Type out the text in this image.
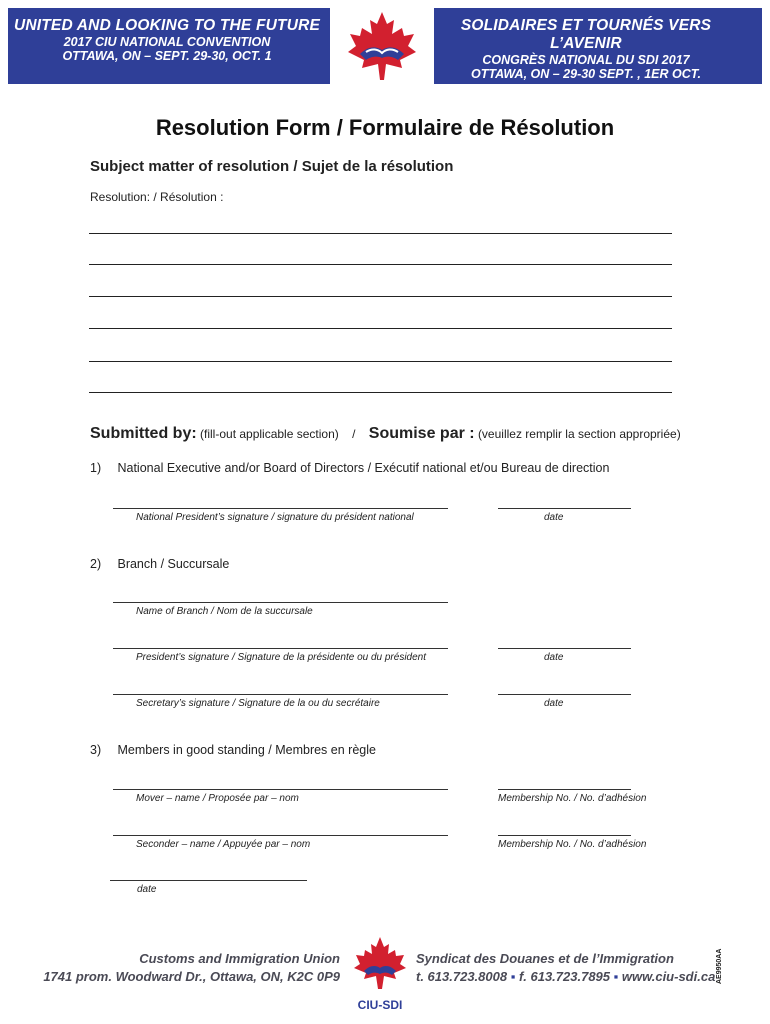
UNITED AND LOOKING TO THE FUTURE
2017 CIU NATIONAL CONVENTION
OTTAWA, ON – SEPT. 29-30, OCT. 1
SOLIDAIRES ET TOURNÉS VERS L’AVENIR
CONGRÈS NATIONAL DU SDI 2017
OTTAWA, ON – 29-30 SEPT. , 1ER OCT.
Resolution Form / Formulaire de Résolution
Subject matter of resolution / Sujet de la résolution
Resolution: / Résolution :
Submitted by: (fill-out applicable section) / Soumise par : (veuillez remplir la section appropriée)
1) National Executive and/or Board of Directors / Exécutif national et/ou Bureau de direction
National President’s signature / signature du président national	date
2) Branch / Succursale
Name of Branch / Nom de la succursale
President’s signature / Signature de la présidente ou du président	date
Secretary’s signature / Signature de la ou du secrétaire	date
3) Members in good standing / Membres en règle
Mover – name / Proposée par – nom	Membership No. / No. d’adhésion
Seconder – name / Appuyée par – nom	Membership No. / No. d’adhésion
date
Customs and Immigration Union
1741 prom. Woodward Dr., Ottawa, ON, K2C 0P9
CIU-SDI
Syndicat des Douanes et de l’Immigration
t. 613.723.8008 ▪ f. 613.723.7895 ▪ www.ciu-sdi.ca AE9950AA
